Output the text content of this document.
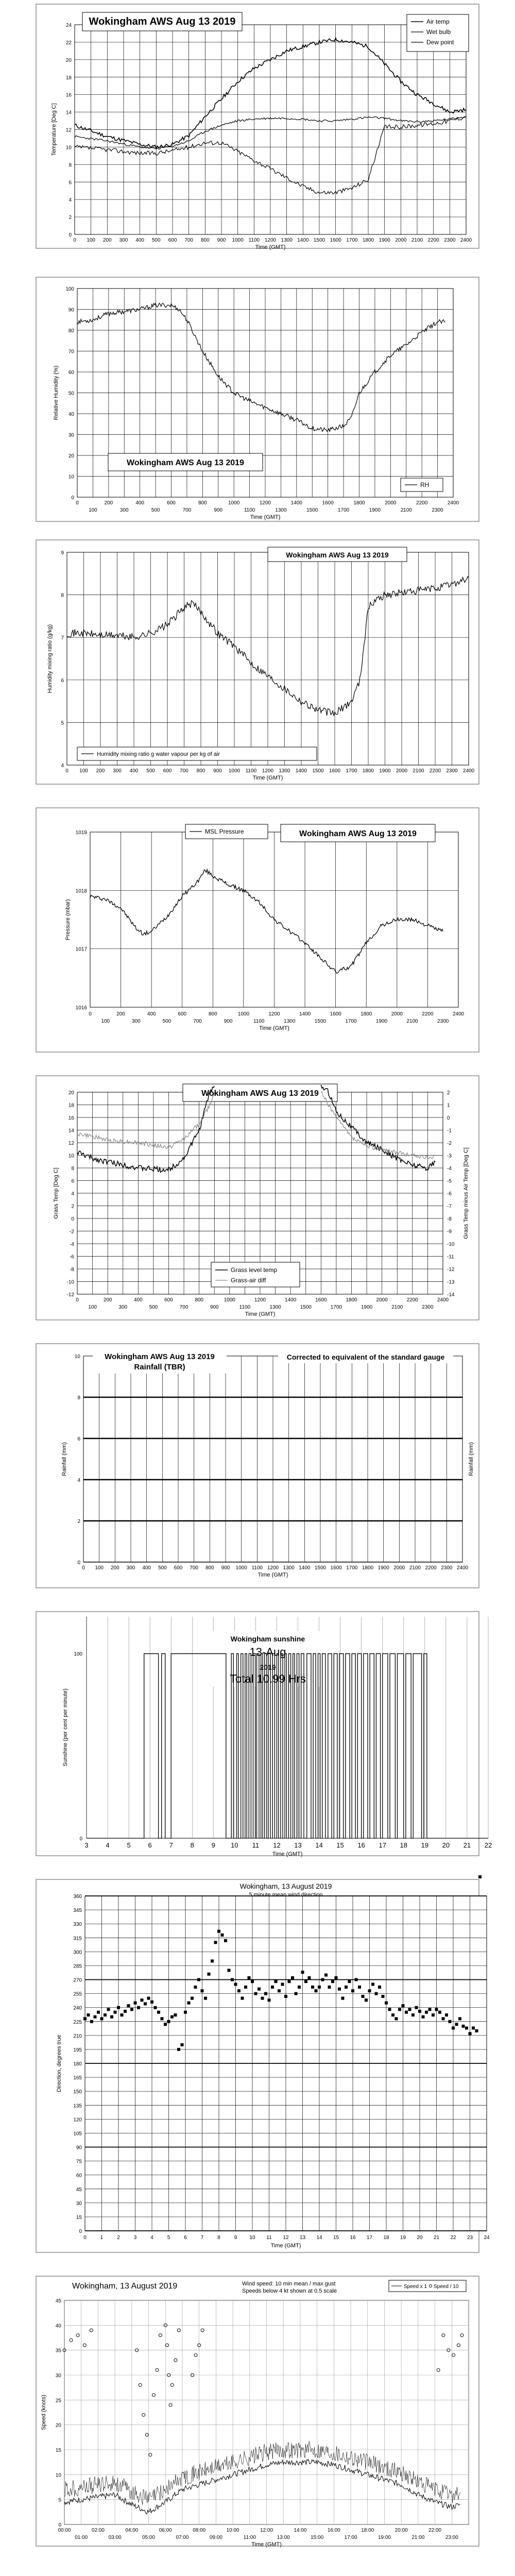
0
2
4
6
8
10
12
14
16
18
20
22
24
0 100 200 300 400 500 600 700 800 900 1000 1100 1200 1300 1400 1500 1600 1700 1800 1900 2000 2100 2200 2300 2400
Time (GMT)
Temperature [Deg C]
Wokingham AWS Aug 13 2019	Air temp
Wet bulb
Dew point
0
10
20
30
40
50
60
70
80
90
100
0	200	400	600	800	1000	1200	1400	1600	1800	2000	2200	2400
100	300	500	700	900	1100	1300	1500	1700	1900	2100	2300
Time (GMT)
Relative Humidity (%)
Wokingham AWS Aug 13 2019
RH
4
5
6
7
8
9
0 100 200 300 400 500 600 700 800 900 1000 1100 1200 1300 1400 1500 1600 1700 1800 1900 2000 2100 2200 2300 2400
Time (GMT)
Humidity mixing ratio (g/kg)
Wokingham AWS Aug 13 2019
Humidity mixing ratio g water vapour per kg of air
1016
1017
1018
1019
0	200	400	600	800	1000	1200	1400	1600	1800	2000	2200	2400
100	300	500	700	900	1100	1300	1500	1700	1900	2100	2300
Time (GMT)
Pressure (mbar)
Wokingham AWS Aug 13 2019
MSL Pressure
-12
-10
-8
-6
-4
-2
0
2
4
6
8
10
12
14
16
18
20
-14
-13
-12
-11
-10
-9
-8
-7
-6
-5
-4
-3
-2
-1
0
1
2
0	200	400	600	800	1000	1200	1400	1600	1800	2000	2200	2400
100	300	500	700	900	1100	1300	1500	1700	1900	2100	2300
Time (GMT)
Grass Temp [Deg C]	Grass Temp minus Air Temp [Deg C]
Wokingham AWS Aug 13 2019
Grass level temp
Grass-air diff
0
2
4
6
8
10
0 100 200 300 400 500 600 700 800 900 1000 1100 1200 1300 1400 1500 1600 1700 1800 1900 2000 2100 2200 2300 2400
Time (GMT)
Rainfall (mm)	Rainfall (mm)
Wokingham AWS Aug 13 2019
Rainfall (TBR)
Corrected to equivalent of the standard gauge
3	4	5	6	7	8	9 10 11 12 13 14 15 16 17 18 19 20 21 22
0
100
Time (GMT)
Sunshine (per cent per minute)
Wokingham sunshine
13-Aug
2019
Total 10.99 Hrs
0
15
30
45
60
75
90
105
120
135
150
165
180
195
210
225
240
255
270
285
300
315
330
345
360
0	1	2	3	4	5	6	7	8	9 10 11 12 13 14 15 16 17 18 19 20 21 22 23 24
Time (GMT)
Direction, degrees true
Wokingham, 13 August 2019
5 minute mean wind direction
0
5
10
15
20
25
30
35
40
45
00:00	02:00	04:00	06:00	08:00	10:00	12:00	14:00	16:00	18:00	20:00	22:00
01:00	03:00	05:00	07:00	09:00	11:00	13:00	15:00	17:00	19:00	21:00	23:00
Time (GMT)
Speed (knots)
Wokingham, 13 August 2019	Wind speed: 10 min mean / max gust
Speeds below 4 kt shown at 0.5 scale
Speed x 1 Speed / 10
